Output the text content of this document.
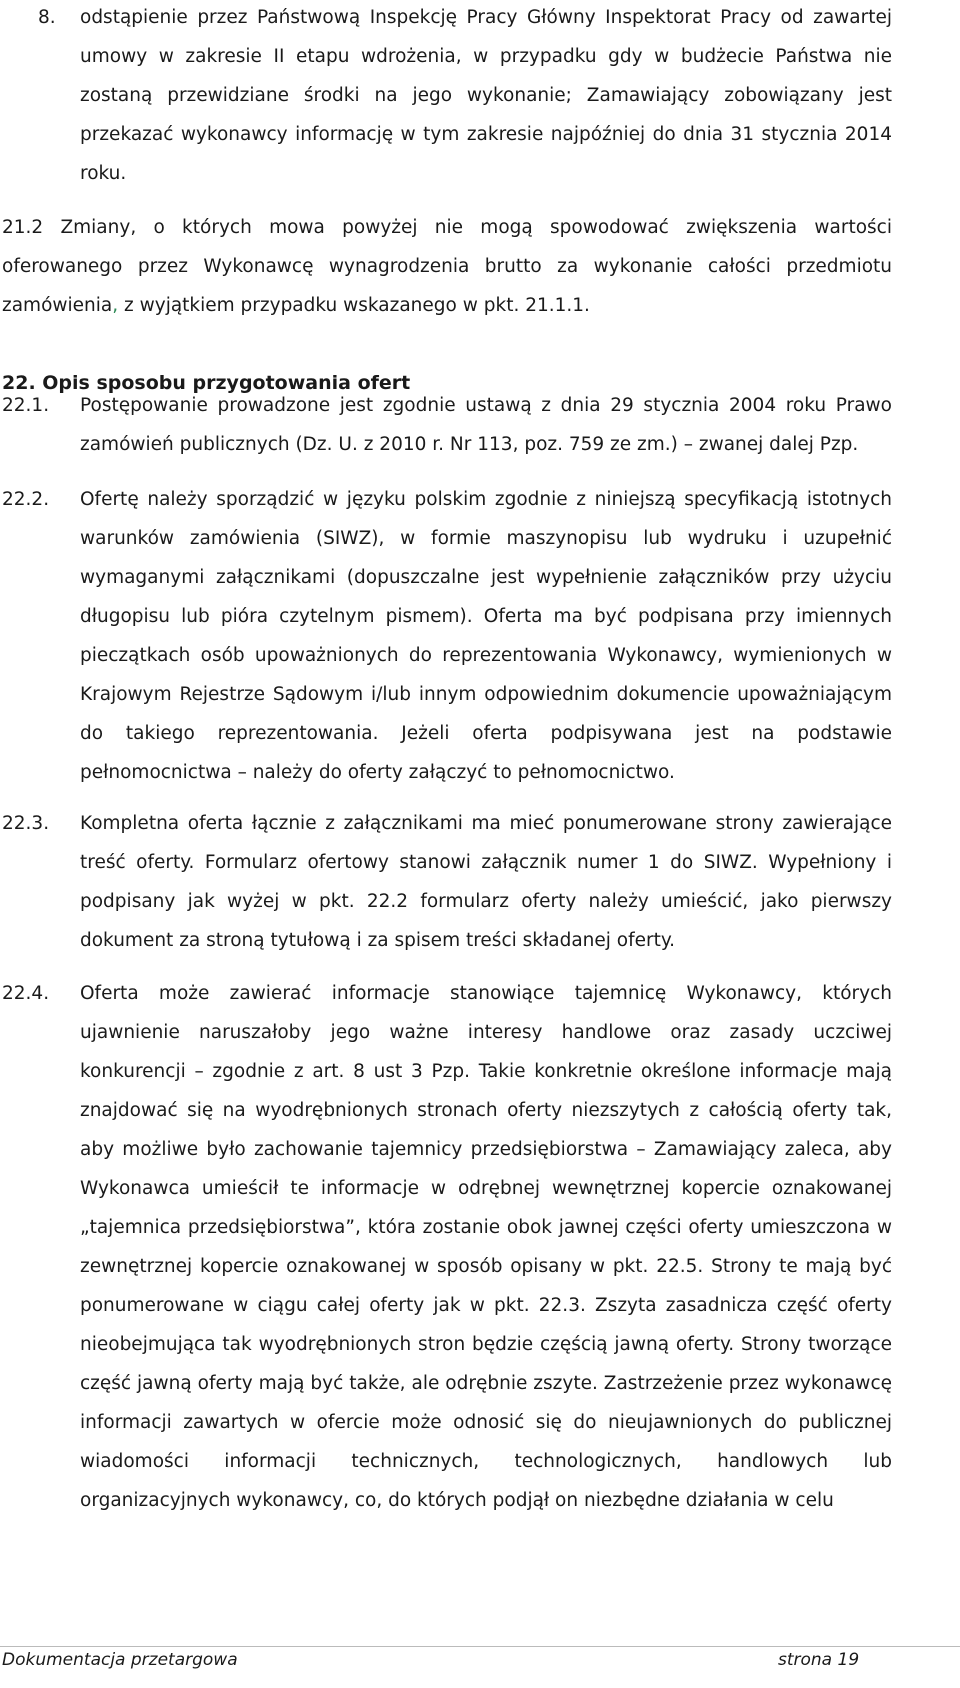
8. odstąpienie przez Państwową Inspekcję Pracy Główny Inspektorat Pracy od zawartej umowy w zakresie II etapu wdrożenia, w przypadku gdy w budżecie Państwa nie zostaną przewidziane środki na jego wykonanie; Zamawiający zobowiązany jest przekazać wykonawcy informację w tym zakresie najpóźniej do dnia 31 stycznia 2014 roku.
21.2 Zmiany, o których mowa powyżej nie mogą spowodować zwiększenia wartości oferowanego przez Wykonawcę wynagrodzenia brutto za wykonanie całości przedmiotu zamówienia, z wyjątkiem przypadku wskazanego w pkt. 21.1.1.
22. Opis sposobu przygotowania ofert
22.1. Postępowanie prowadzone jest zgodnie ustawą z dnia 29 stycznia 2004 roku Prawo zamówień publicznych (Dz. U. z 2010 r. Nr 113, poz. 759 ze zm.) – zwanej dalej Pzp.
22.2. Ofertę należy sporządzić w języku polskim zgodnie z niniejszą specyfikacją istotnych warunków zamówienia (SIWZ), w formie maszynopisu lub wydruku i uzupełnić wymaganymi załącznikami (dopuszczalne jest wypełnienie załączników przy użyciu długopisu lub pióra czytelnym pismem). Oferta ma być podpisana przy imiennych pieczątkach osób upoważnionych do reprezentowania Wykonawcy, wymienionych w Krajowym Rejestrze Sądowym i/lub innym odpowiednim dokumencie upoważniającym do takiego reprezentowania. Jeżeli oferta podpisywana jest na podstawie pełnomocnictwa – należy do oferty załączyć to pełnomocnictwo.
22.3. Kompletna oferta łącznie z załącznikami ma mieć ponumerowane strony zawierające treść oferty. Formularz ofertowy stanowi załącznik numer 1 do SIWZ. Wypełniony i podpisany jak wyżej w pkt. 22.2 formularz oferty należy umieścić, jako pierwszy dokument za stroną tytułową i za spisem treści składanej oferty.
22.4. Oferta może zawierać informacje stanowiące tajemnicę Wykonawcy, których ujawnienie naruszałoby jego ważne interesy handlowe oraz zasady uczciwej konkurencji – zgodnie z art. 8 ust 3 Pzp. Takie konkretnie określone informacje mają znajdować się na wyodrębnionych stronach oferty niezszytych z całością oferty tak, aby możliwe było zachowanie tajemnicy przedsiębiorstwa – Zamawiający zaleca, aby Wykonawca umieścił te informacje w odrębnej wewnętrznej kopercie oznakowanej „tajemnica przedsiębiorstwa”, która zostanie obok jawnej części oferty umieszczona w zewnętrznej kopercie oznakowanej w sposób opisany w pkt. 22.5. Strony te mają być ponumerowane w ciągu całej oferty jak w pkt. 22.3. Zszyta zasadnicza część oferty nieobejmująca tak wyodrębnionych stron będzie częścią jawną oferty. Strony tworzące część jawną oferty mają być także, ale odrębnie zszyte. Zastrzeżenie przez wykonawcę informacji zawartych w ofercie może odnosić się do nieujawnionych do publicznej wiadomości informacji technicznych, technologicznych, handlowych lub organizacyjnych wykonawcy, co, do których podjął on niezbędne działania w celu
Dokumentacja przetargowa	strona 19
